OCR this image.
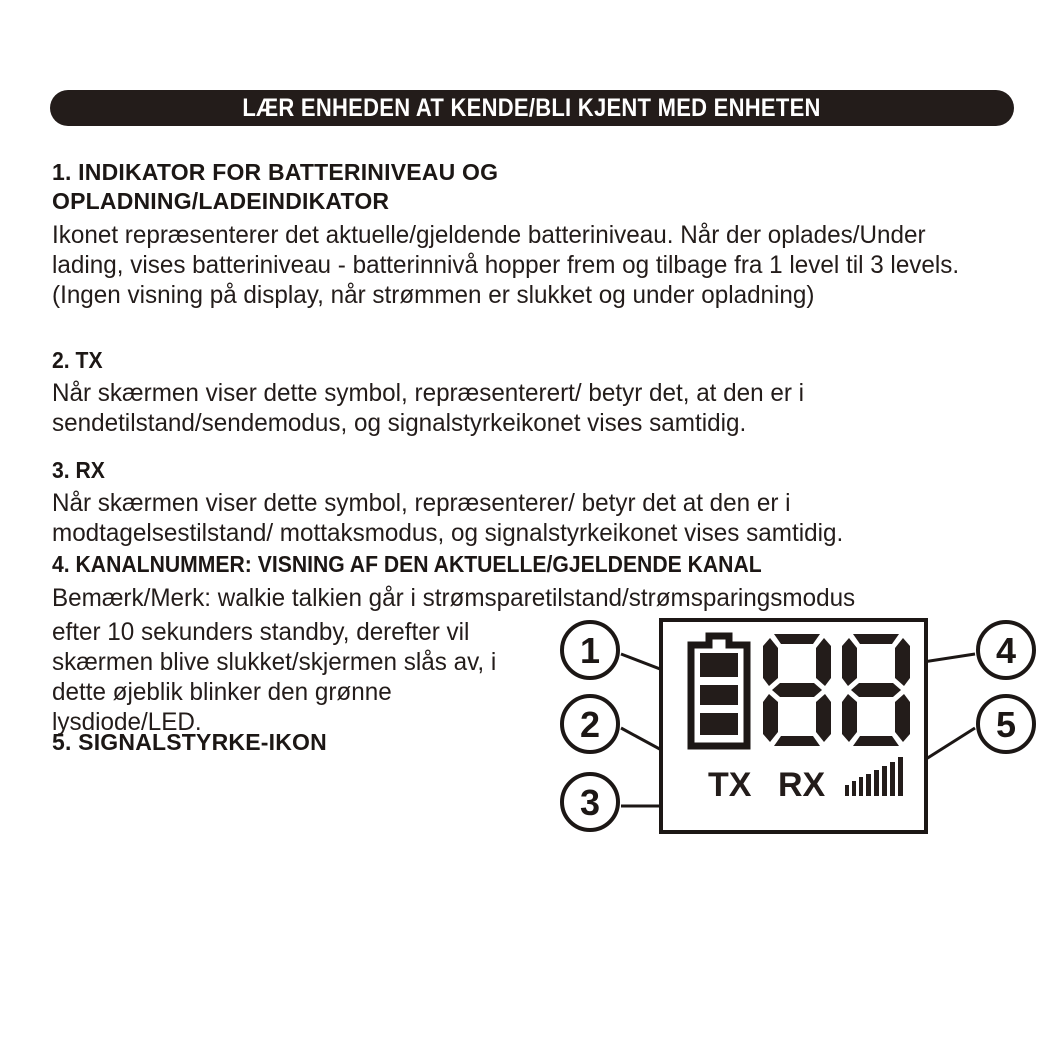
LÆR ENHEDEN AT KENDE/BLI KJENT MED ENHETEN
1. INDIKATOR FOR BATTERINIVEAU OG OPLADNING/LADEINDIKATOR

Ikonet repræsenterer det aktuelle/gjeldende batteriniveau. Når der oplades/Under lading, vises batteriniveau - batterinnivå hopper frem og tilbage fra 1 level til 3 levels. (Ingen visning på display, når strømmen er slukket og under opladning)

2. TX

Når skærmen viser dette symbol, repræsenterert/ betyr det, at den er i sendetilstand/sendemodus, og signalstyrkeikonet vises samtidig.

3. RX

Når skærmen viser dette symbol, repræsenterer/ betyr det at den er i modtagelsestilstand/ mottaksmodus, og signalstyrkeikonet vises samtidig.

4. KANALNUMMER: VISNING AF DEN AKTUELLE/GJELDENDE KANAL

Bemærk/Merk: walkie talkien går i strømsparetilstand/strømsparingsmodus

efter 10 sekunders standby, derefter vil skærmen blive slukket/skjermen slås av, i dette øjeblik blinker den grønne lysdiode/LED.

5. SIGNALSTYRKE-IKON
TX RX
1
2
3
4
5
